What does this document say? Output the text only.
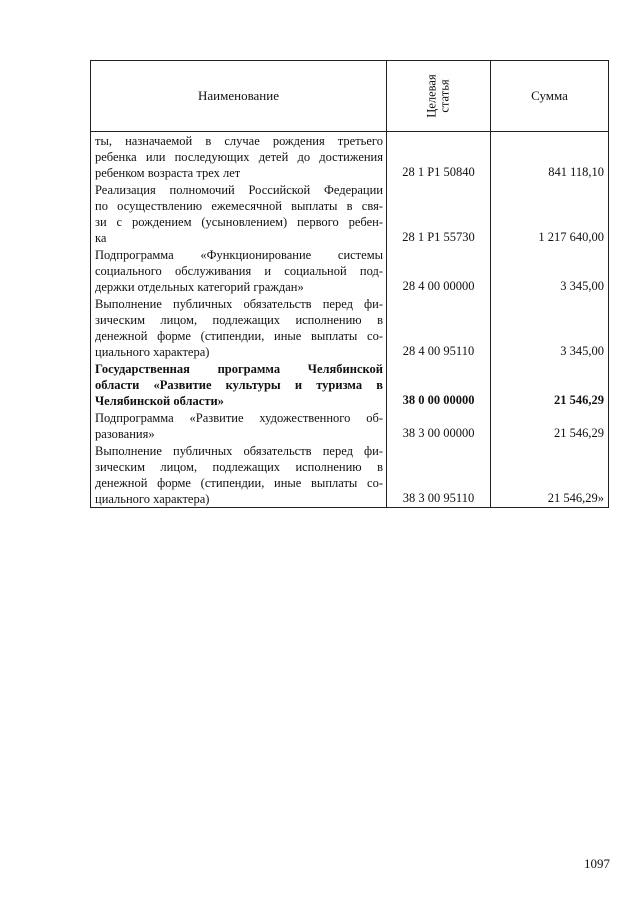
Наименование	Целевая статья	Сумма

ты, назначаемой в случае рождения третьего
ребенка или последующих детей до достижения
ребенком возраста трех лет	28 1 P1 50840	841 118,10

Реализация полномочий Российской Федерации
по осуществлению ежемесячной выплаты в свя-
зи с рождением (усыновлением) первого ребен-
ка	28 1 P1 55730	1 217 640,00

Подпрограмма «Функционирование системы
социального обслуживания и социальной под-
держки отдельных категорий граждан»	28 4 00 00000	3 345,00

Выполнение публичных обязательств перед фи-
зическим лицом, подлежащих исполнению в
денежной форме (стипендии, иные выплаты со-
циального характера)	28 4 00 95110	3 345,00

Государственная программа Челябинской
области «Развитие культуры и туризма в
Челябинской области»	38 0 00 00000	21 546,29

Подпрограмма «Развитие художественного об-
разования»	38 3 00 00000	21 546,29

Выполнение публичных обязательств перед фи-
зическим лицом, подлежащих исполнению в
денежной форме (стипендии, иные выплаты со-
циального характера)	38 3 00 95110	21 546,29»
1097
